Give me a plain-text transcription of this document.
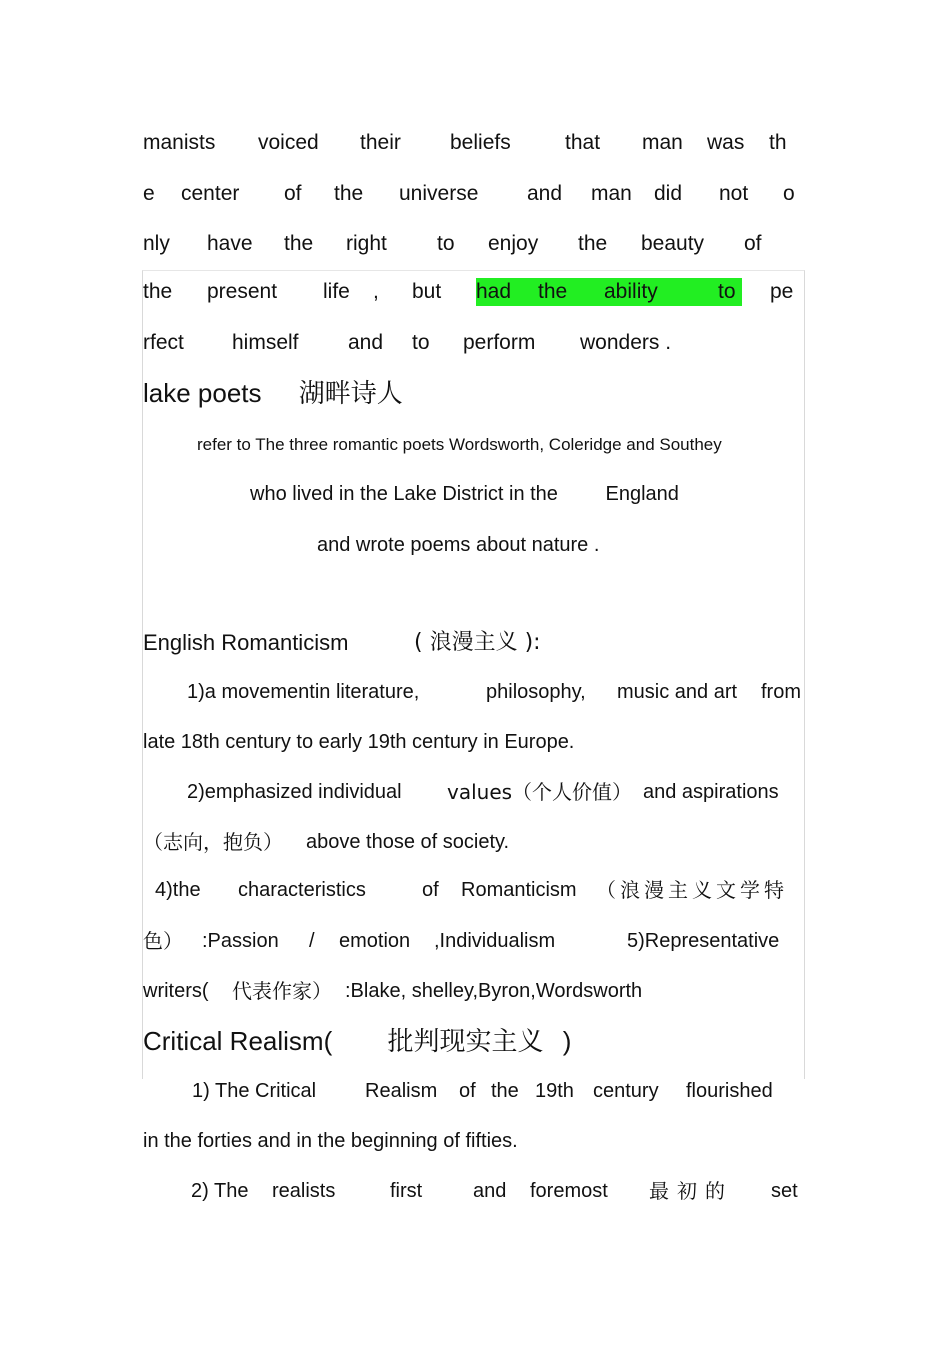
manists voiced their beliefs	that man was th
e center of the universe and man did not o
nly have the right to enjoy the beauty of
the present life , but had the ability	to pe
rfect himself and to perform wonders .
lake poets 湖畔诗人
refer to The three romantic poets Wordsworth, Coleridge and Southey
who lived in the Lake District in the England
and wrote poems about nature .
English Romanticism	( 浪漫主义 ):
1)a movementin literature,	philosophy, music and art from
late 18th century to early 19th century in Europe.
2)emphasized individual values（个人价值） and aspirations
（志向，抱负） above those of society.
4)the characteristics	of Romanticism （浪漫主义文学特
色） :Passion / emotion ,Individualism	5)Representative
writers( 代表作家） :Blake, shelley,Byron,Wordsworth
Critical Realism( 批判现实主义 )
1) The Critical Realism of the 19th century flourished
in the forties and in the beginning of fifties.
2) The realists	first	and foremost 最初的 set
